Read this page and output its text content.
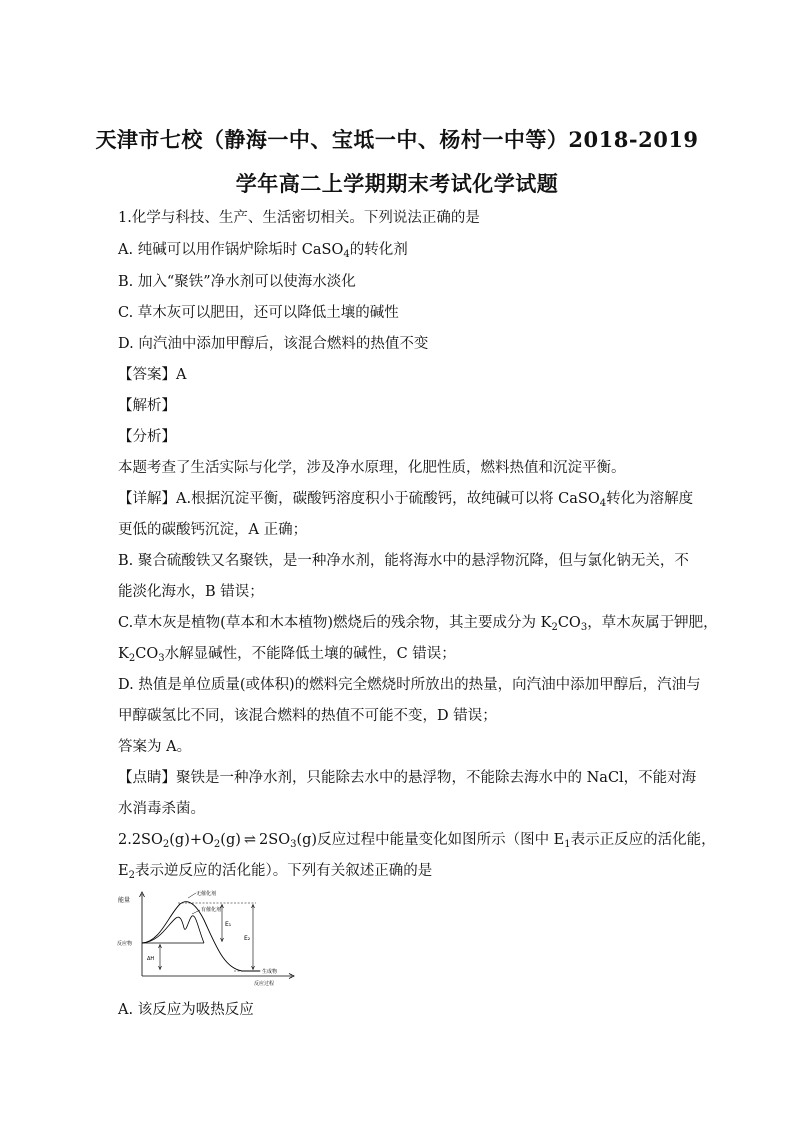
天津市七校（静海一中、宝坻一中、杨村一中等）2018-2019
学年高二上学期期末考试化学试题
1.化学与科技、生产、生活密切相关。下列说法正确的是
A. 纯碱可以用作锅炉除垢时 CaSO$_4$的转化剂
B. 加入“聚铁”净水剂可以使海水淡化
C. 草木灰可以肥田，还可以降低土壤的碱性
D. 向汽油中添加甲醇后，该混合燃料的热值不变
【答案】A
【解析】
【分析】
本题考查了生活实际与化学，涉及净水原理，化肥性质，燃料热值和沉淀平衡。
【详解】A.根据沉淀平衡，碳酸钙溶度积小于硫酸钙，故纯碱可以将 CaSO$_4$转化为溶解度
更低的碳酸钙沉淀，A 正确；
B. 聚合硫酸铁又名聚铁，是一种净水剂，能将海水中的悬浮物沉降，但与氯化钠无关，不
能淡化海水，B 错误；
C.草木灰是植物(草本和木本植物)燃烧后的残余物，其主要成分为 $K_2CO_3$，草木灰属于钾肥，
$K_2CO_3$水解显碱性，不能降低土壤的碱性，C 错误；
D. 热值是单位质量(或体积)的燃料完全燃烧时所放出的热量，向汽油中添加甲醇后，汽油与
甲醇碳氢比不同，该混合燃料的热值不可能不变，D 错误；
答案为 A。
【点睛】聚铁是一种净水剂，只能除去水中的悬浮物，不能除去海水中的 NaCl，不能对海
水消毒杀菌。
$2.2SO_2(g)+O_2(g)$ ⇌ $2SO_3(g)$反应过程中能量变化如图所示（图中 $E_1$表示正反应的活化能，
$E_2$表示逆反应的活化能）。下列有关叙述正确的是
能量
无催化剂
有催化剂
E₁
E₂
ΔH
反应物
生成物
反应过程
A. 该反应为吸热反应
